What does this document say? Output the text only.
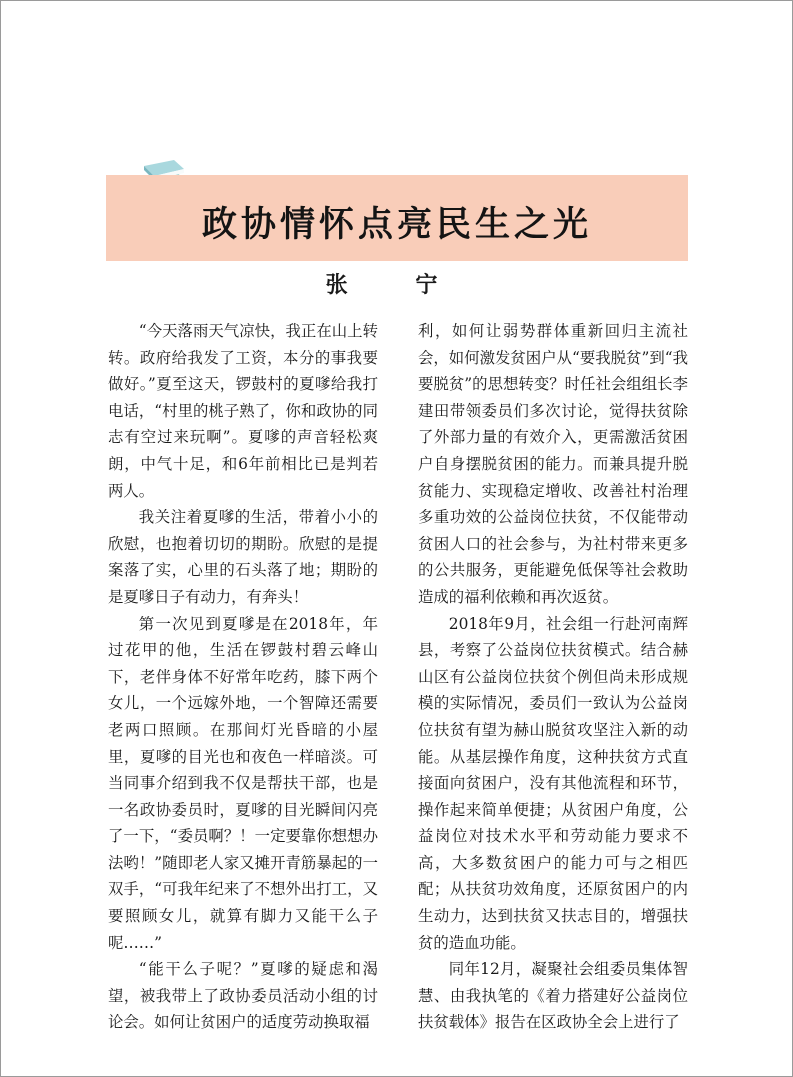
政协情怀点亮民生之光
张 宁

“今天落雨天气凉快，我正在山上转转。政府给我发了工资，本分的事我要做好。”夏至这天，锣鼓村的夏嗲给我打电话，“村里的桃子熟了，你和政协的同志有空过来玩啊”。夏嗲的声音轻松爽朗，中气十足，和6年前相比已是判若两人。

我关注着夏嗲的生活，带着小小的欣慰，也抱着切切的期盼。欣慰的是提案落了实，心里的石头落了地；期盼的是夏嗲日子有动力，有奔头！

第一次见到夏嗲是在2018年，年过花甲的他，生活在锣鼓村碧云峰山下，老伴身体不好常年吃药，膝下两个女儿，一个远嫁外地，一个智障还需要老两口照顾。在那间灯光昏暗的小屋里，夏嗲的目光也和夜色一样暗淡。可当同事介绍到我不仅是帮扶干部，也是一名政协委员时，夏嗲的目光瞬间闪亮了一下，“委员啊？！一定要靠你想想办法哟！”随即老人家又摊开青筋暴起的一双手，“可我年纪来了不想外出打工，又要照顾女儿，就算有脚力又能干么子呢……”

“能干么子呢？”夏嗲的疑虑和渴望，被我带上了政协委员活动小组的讨论会。如何让贫困户的适度劳动换取福

利，如何让弱势群体重新回归主流社会，如何激发贫困户从“要我脱贫”到“我要脱贫”的思想转变？时任社会组组长李建田带领委员们多次讨论，觉得扶贫除了外部力量的有效介入，更需激活贫困户自身摆脱贫困的能力。而兼具提升脱贫能力、实现稳定增收、改善社村治理多重功效的公益岗位扶贫，不仅能带动贫困人口的社会参与，为社村带来更多的公共服务，更能避免低保等社会救助造成的福利依赖和再次返贫。

2018年9月，社会组一行赴河南辉县，考察了公益岗位扶贫模式。结合赫山区有公益岗位扶贫个例但尚未形成规模的实际情况，委员们一致认为公益岗位扶贫有望为赫山脱贫攻坚注入新的动能。从基层操作角度，这种扶贫方式直接面向贫困户，没有其他流程和环节，操作起来简单便捷；从贫困户角度，公益岗位对技术水平和劳动能力要求不高，大多数贫困户的能力可与之相匹配；从扶贫功效角度，还原贫困户的内生动力，达到扶贫又扶志目的，增强扶贫的造血功能。

同年12月，凝聚社会组委员集体智慧、由我执笔的《着力搭建好公益岗位扶贫载体》报告在区政协全会上进行了
